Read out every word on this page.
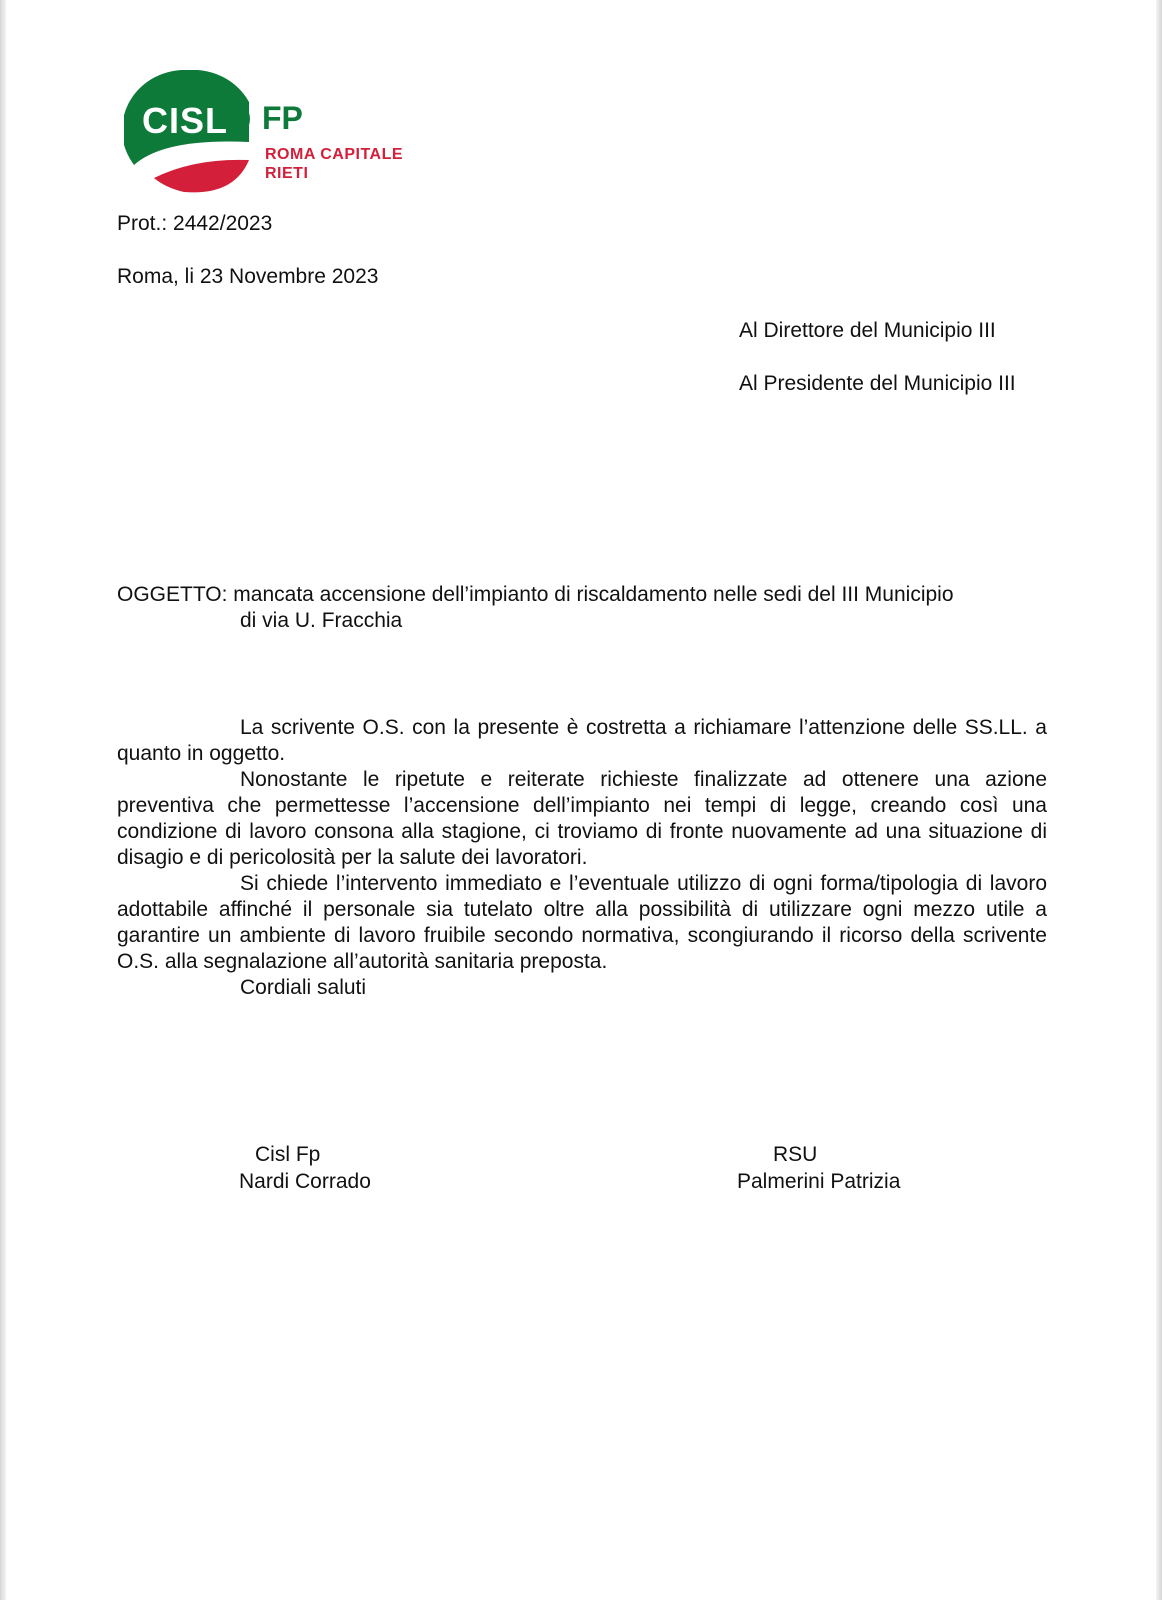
CISL FP
ROMA CAPITALE
RIETI
Prot.: 2442/2023
Roma, li 23 Novembre 2023
Al Direttore del Municipio III
Al Presidente del Municipio III
OGGETTO: mancata accensione dell’impianto di riscaldamento nelle sedi del III Municipio
di via U. Fracchia

La scrivente O.S. con la presente è costretta a richiamare l’attenzione delle SS.LL. a quanto in oggetto.

Nonostante le ripetute e reiterate richieste finalizzate ad ottenere una azione preventiva che permettesse l’accensione dell’impianto nei tempi di legge, creando così una condizione di lavoro consona alla stagione, ci troviamo di fronte nuovamente ad una situazione di disagio e di pericolosità per la salute dei lavoratori.

Si chiede l’intervento immediato e l’eventuale utilizzo di ogni forma/tipologia di lavoro adottabile affinché il personale sia tutelato oltre alla possibilità di utilizzare ogni mezzo utile a garantire un ambiente di lavoro fruibile secondo normativa, scongiurando il ricorso della scrivente O.S. alla segnalazione all’autorità sanitaria preposta.

Cordiali saluti

Cisl Fp
Nardi Corrado
RSU
Palmerini Patrizia
